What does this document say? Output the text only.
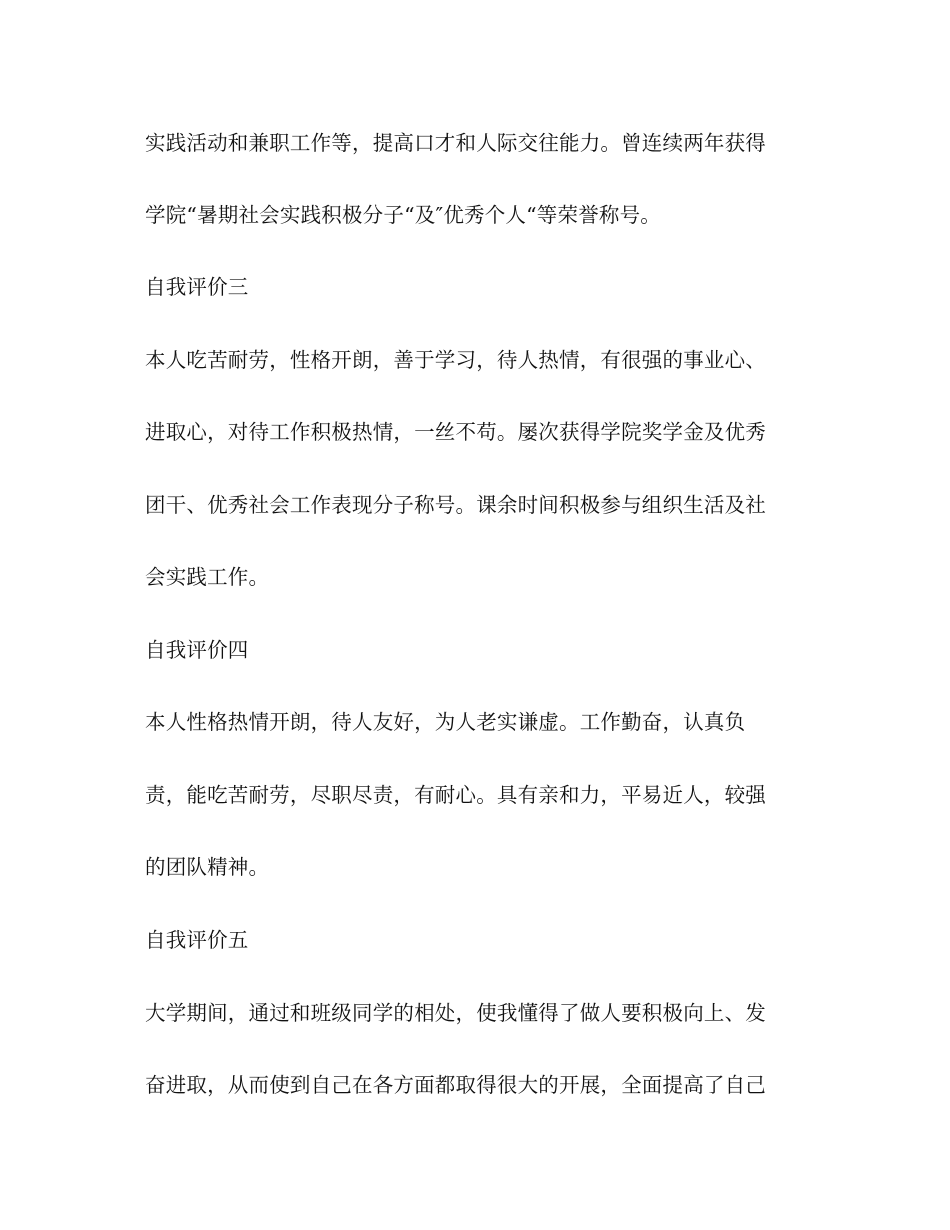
实践活动和兼职工作等，提高口才和人际交往能力。曾连续两年获得
学院“暑期社会实践积极分子“及″优秀个人“等荣誉称号。
自我评价三
本人吃苦耐劳，性格开朗，善于学习，待人热情，有很强的事业心、
进取心，对待工作积极热情，一丝不苟。屡次获得学院奖学金及优秀
团干、优秀社会工作表现分子称号。课余时间积极参与组织生活及社
会实践工作。
自我评价四
本人性格热情开朗，待人友好，为人老实谦虚。工作勤奋，认真负
责，能吃苦耐劳，尽职尽责，有耐心。具有亲和力，平易近人，较强
的团队精神。
自我评价五
大学期间，通过和班级同学的相处，使我懂得了做人要积极向上、发
奋进取，从而使到自己在各方面都取得很大的开展，全面提高了自己
